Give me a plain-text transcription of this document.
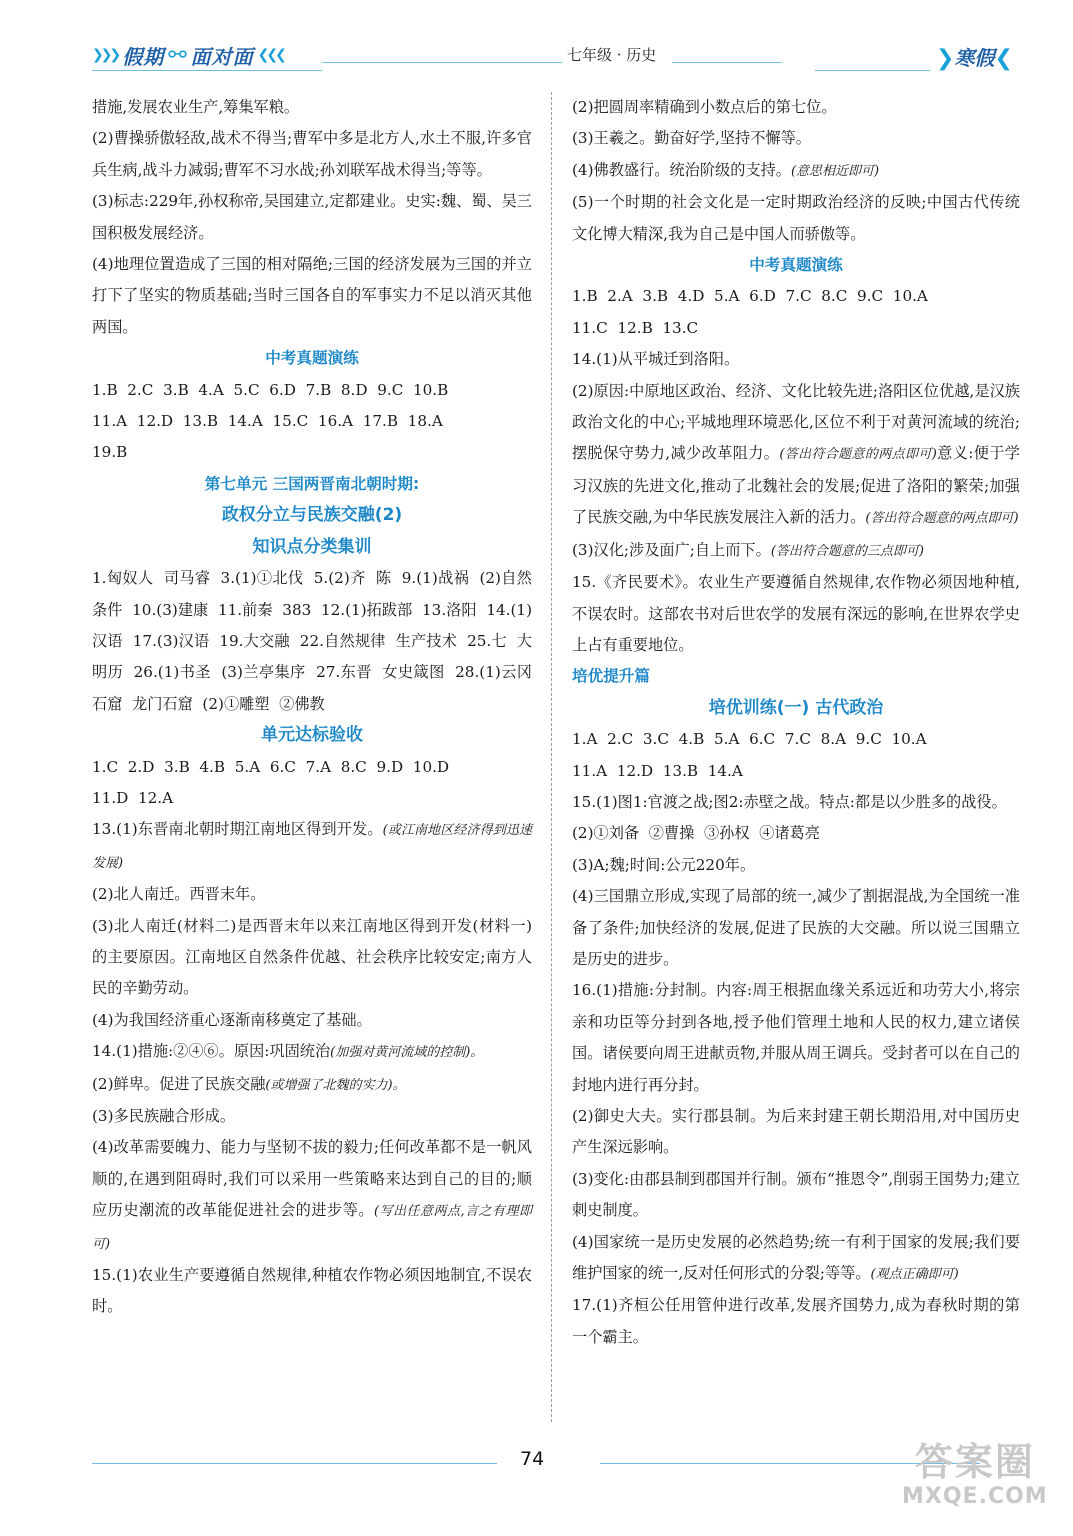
❯❯❯ 假期 ⚯ 面对面 ❮❮❮	七年级 · 历史	❯寒假❮

措施,发展农业生产,筹集军粮。

(2)曹操骄傲轻敌,战术不得当;曹军中多是北方人,水土不服,许多官兵生病,战斗力减弱;曹军不习水战;孙刘联军战术得当;等等。

(3)标志:229年,孙权称帝,吴国建立,定都建业。史实:魏、蜀、吴三国积极发展经济。

(4)地理位置造成了三国的相对隔绝;三国的经济发展为三国的并立打下了坚实的物质基础;当时三国各自的军事实力不足以消灭其他两国。

中考真题演练

1.B  2.C  3.B  4.A  5.C  6.D  7.B  8.D  9.C  10.B

11.A  12.D  13.B  14.A  15.C  16.A  17.B  18.A

19.B

第七单元 三国两晋南北朝时期:

政权分立与民族交融(2)

知识点分类集训

1.匈奴人  司马睿  3.(1)①北伐  5.(2)齐  陈  9.(1)战祸  (2)自然条件  10.(3)建康  11.前秦  383  12.(1)拓跋部  13.洛阳  14.(1)汉语  17.(3)汉语  19.大交融  22.自然规律  生产技术  25.七  大明历  26.(1)书圣  (3)兰亭集序  27.东晋  女史箴图  28.(1)云冈石窟  龙门石窟  (2)①雕塑  ②佛教

单元达标验收

1.C  2.D  3.B  4.B  5.A  6.C  7.A  8.C  9.D  10.D

11.D  12.A

13.(1)东晋南北朝时期江南地区得到开发。(或江南地区经济得到迅速发展)

(2)北人南迁。西晋末年。

(3)北人南迁(材料二)是西晋末年以来江南地区得到开发(材料一)的主要原因。江南地区自然条件优越、社会秩序比较安定;南方人民的辛勤劳动。

(4)为我国经济重心逐渐南移奠定了基础。

14.(1)措施:②④⑥。原因:巩固统治(加强对黄河流域的控制)。

(2)鲜卑。促进了民族交融(或增强了北魏的实力)。

(3)多民族融合形成。

(4)改革需要魄力、能力与坚韧不拔的毅力;任何改革都不是一帆风顺的,在遇到阻碍时,我们可以采用一些策略来达到自己的目的;顺应历史潮流的改革能促进社会的进步等。(写出任意两点,言之有理即可)

15.(1)农业生产要遵循自然规律,种植农作物必须因地制宜,不误农时。

(2)把圆周率精确到小数点后的第七位。

(3)王羲之。勤奋好学,坚持不懈等。

(4)佛教盛行。统治阶级的支持。(意思相近即可)

(5)一个时期的社会文化是一定时期政治经济的反映;中国古代传统文化博大精深,我为自己是中国人而骄傲等。

中考真题演练

1.B  2.A  3.B  4.D  5.A  6.D  7.C  8.C  9.C  10.A

11.C  12.B  13.C

14.(1)从平城迁到洛阳。

(2)原因:中原地区政治、经济、文化比较先进;洛阳区位优越,是汉族政治文化的中心;平城地理环境恶化,区位不利于对黄河流域的统治;摆脱保守势力,减少改革阻力。(答出符合题意的两点即可)意义:便于学习汉族的先进文化,推动了北魏社会的发展;促进了洛阳的繁荣;加强了民族交融,为中华民族发展注入新的活力。(答出符合题意的两点即可)

(3)汉化;涉及面广;自上而下。(答出符合题意的三点即可)

15.《齐民要术》。农业生产要遵循自然规律,农作物必须因地种植,不误农时。这部农书对后世农学的发展有深远的影响,在世界农学史上占有重要地位。

培优提升篇

培优训练(一) 古代政治

1.A  2.C  3.C  4.B  5.A  6.C  7.C  8.A  9.C  10.A

11.A  12.D  13.B  14.A

15.(1)图1:官渡之战;图2:赤壁之战。特点:都是以少胜多的战役。

(2)①刘备  ②曹操  ③孙权  ④诸葛亮

(3)A;魏;时间:公元220年。

(4)三国鼎立形成,实现了局部的统一,减少了割据混战,为全国统一准备了条件;加快经济的发展,促进了民族的大交融。所以说三国鼎立是历史的进步。

16.(1)措施:分封制。内容:周王根据血缘关系远近和功劳大小,将宗亲和功臣等分封到各地,授予他们管理土地和人民的权力,建立诸侯国。诸侯要向周王进献贡物,并服从周王调兵。受封者可以在自己的封地内进行再分封。

(2)御史大夫。实行郡县制。为后来封建王朝长期沿用,对中国历史产生深远影响。

(3)变化:由郡县制到郡国并行制。颁布“推恩令”,削弱王国势力;建立刺史制度。

(4)国家统一是历史发展的必然趋势;统一有利于国家的发展;我们要维护国家的统一,反对任何形式的分裂;等等。(观点正确即可)

17.(1)齐桓公任用管仲进行改革,发展齐国势力,成为春秋时期的第一个霸主。

74	答案圈
MXQE.COM
